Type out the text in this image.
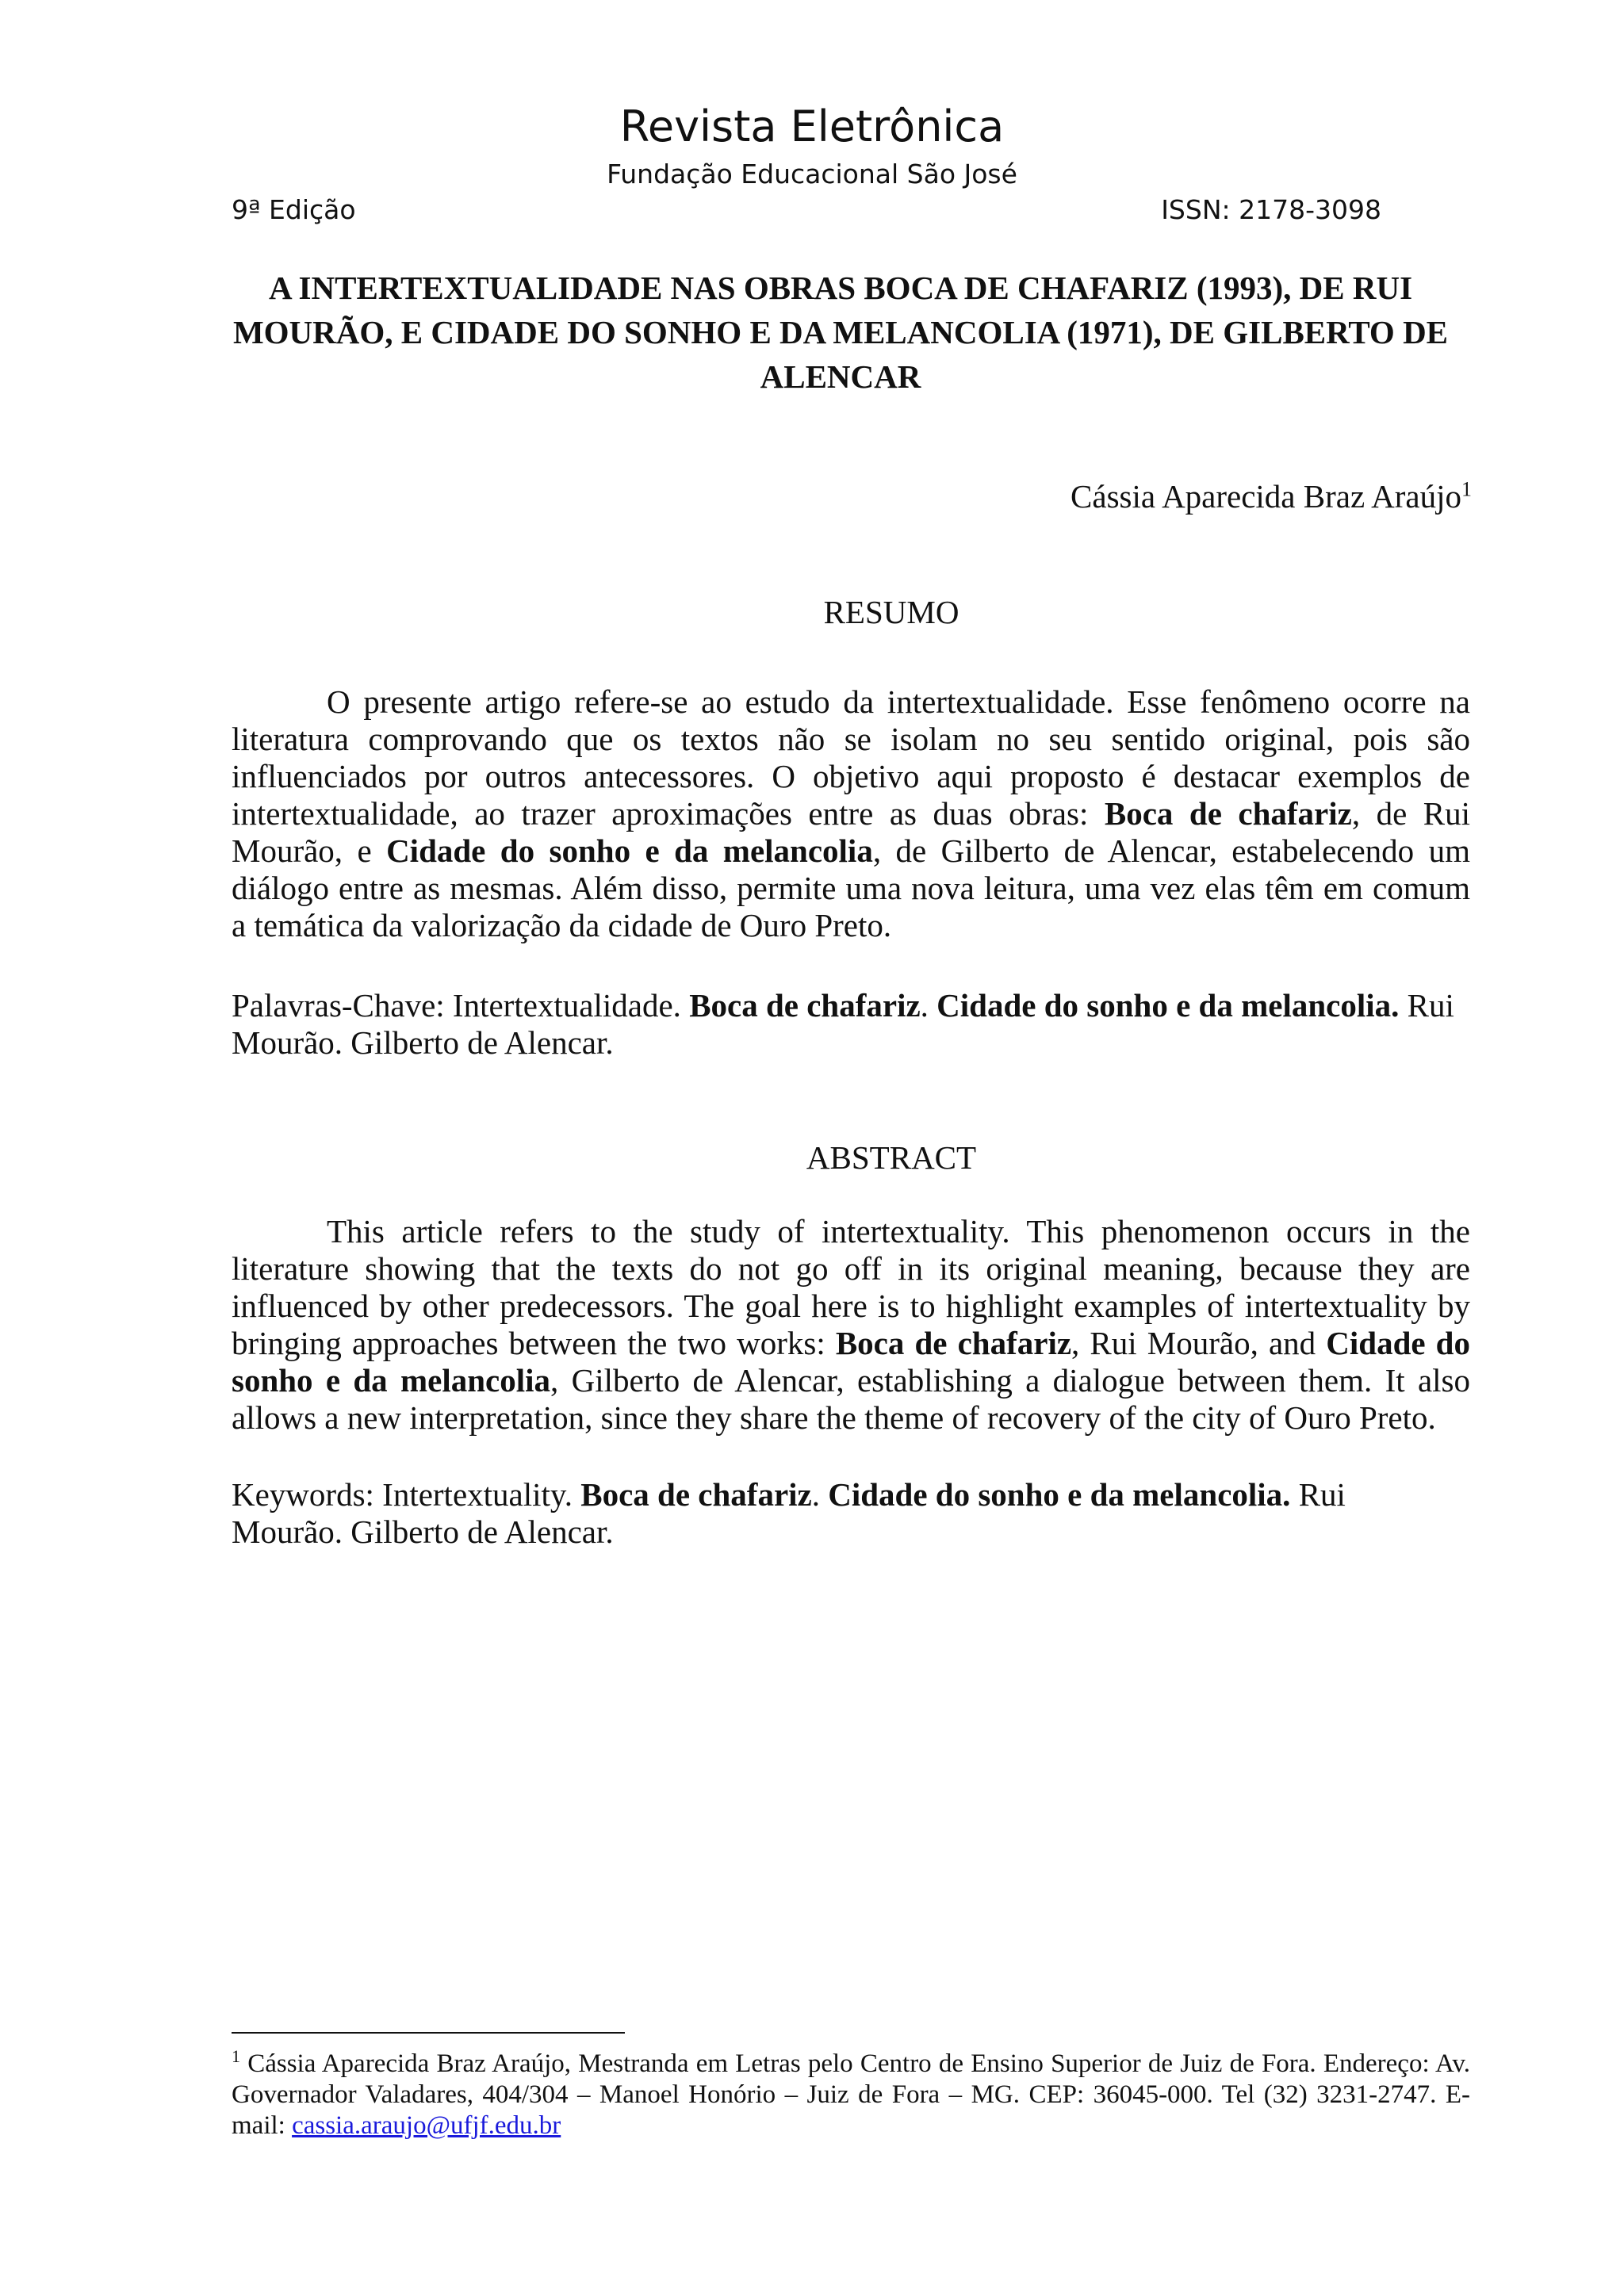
Revista Eletrônica
Fundação Educacional São José
9ª Edição	ISSN: 2178-3098
A INTERTEXTUALIDADE NAS OBRAS BOCA DE CHAFARIZ (1993), DE RUI
MOURÃO, E CIDADE DO SONHO E DA MELANCOLIA (1971), DE GILBERTO DE
ALENCAR
Cássia Aparecida Braz Araújo$^1$
RESUMO
O presente artigo refere-se ao estudo da intertextualidade. Esse fenômeno ocorre na literatura comprovando que os textos não se isolam no seu sentido original, pois são influenciados por outros antecessores. O objetivo aqui proposto é destacar exemplos de intertextualidade, ao trazer aproximações entre as duas obras: Boca de chafariz, de Rui Mourão, e Cidade do sonho e da melancolia, de Gilberto de Alencar, estabelecendo um diálogo entre as mesmas. Além disso, permite uma nova leitura, uma vez elas têm em comum a temática da valorização da cidade de Ouro Preto.
Palavras-Chave: Intertextualidade. Boca de chafariz. Cidade do sonho e da melancolia. Rui Mourão. Gilberto de Alencar.
ABSTRACT
This article refers to the study of intertextuality. This phenomenon occurs in the literature showing that the texts do not go off in its original meaning, because they are influenced by other predecessors. The goal here is to highlight examples of intertextuality by bringing approaches between the two works: Boca de chafariz, Rui Mourão, and Cidade do sonho e da melancolia, Gilberto de Alencar, establishing a dialogue between them. It also allows a new interpretation, since they share the theme of recovery of the city of Ouro Preto.
Keywords: Intertextuality. Boca de chafariz. Cidade do sonho e da melancolia. Rui
Mourão. Gilberto de Alencar.
$^1$ Cássia Aparecida Braz Araújo, Mestranda em Letras pelo Centro de Ensino Superior de Juiz de Fora. Endereço: Av. Governador Valadares, 404/304 – Manoel Honório – Juiz de Fora – MG. CEP: 36045-000. Tel (32) 3231-2747. E-mail: cassia.araujo@ufjf.edu.br
